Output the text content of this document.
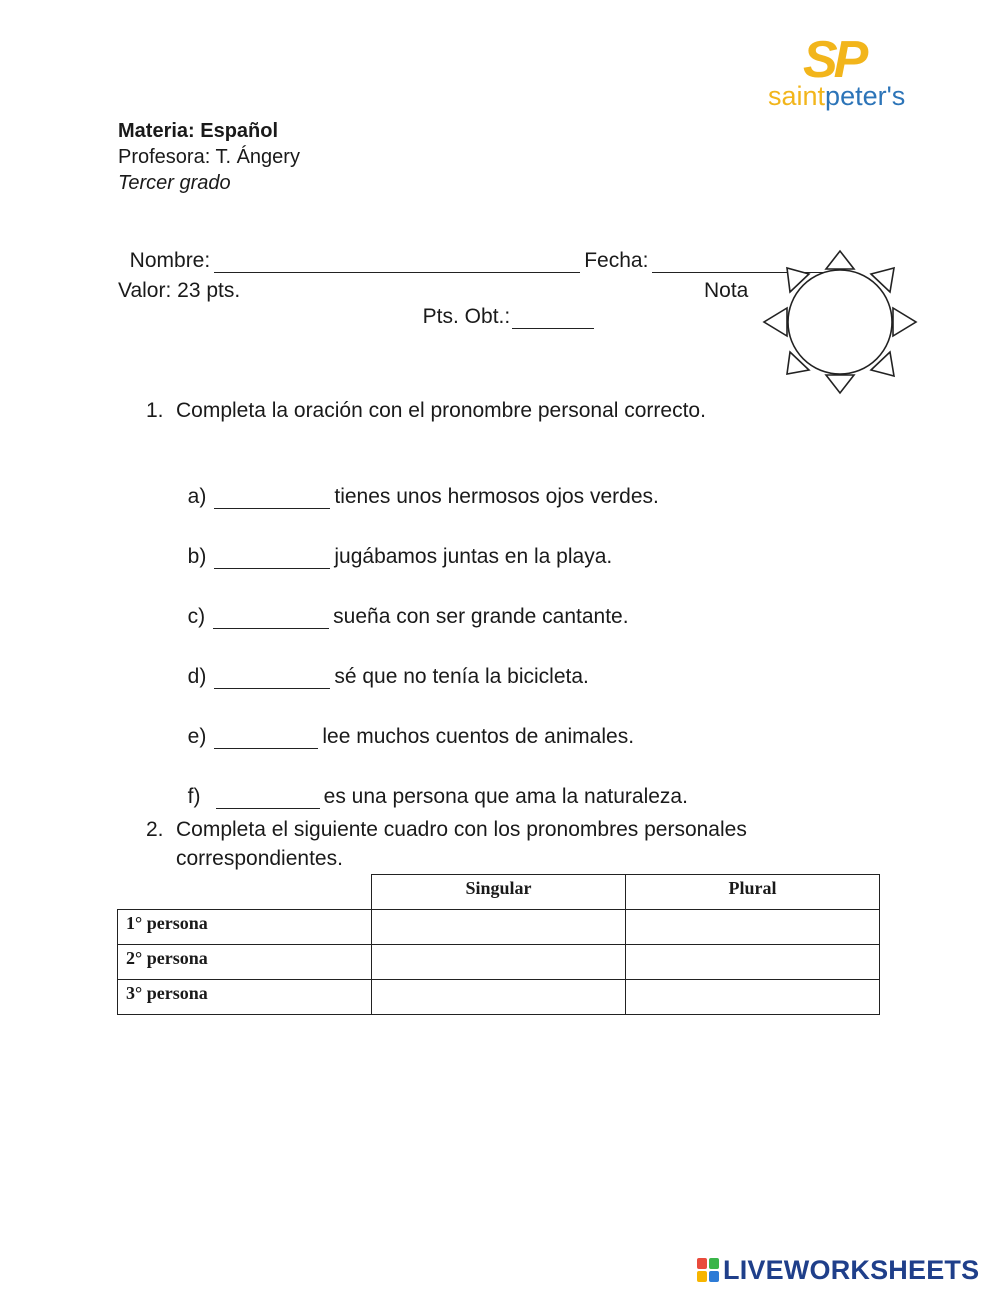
SP
saintpeter's
Materia: Español
Profesora: T. Ángery
Tercer grado

Nombre:	Fecha:

Valor: 23 pts.

Pts. Obt.:

Nota
1. Completa la oración con el pronombre personal correcto.

a)	tienes unos hermosos ojos verdes.

b)	jugábamos juntas en la playa.

c)	sueña con ser grande cantante.

d)	sé que no tenía la bicicleta.

e)	lee muchos cuentos de animales.

f)	es una persona que ama la naturaleza.

2. Completa el siguiente cuadro con los pronombres personales
correspondientes.
	Singular	Plural
1° persona		
2° persona		
3° persona		
LIVEWORKSHEETS
